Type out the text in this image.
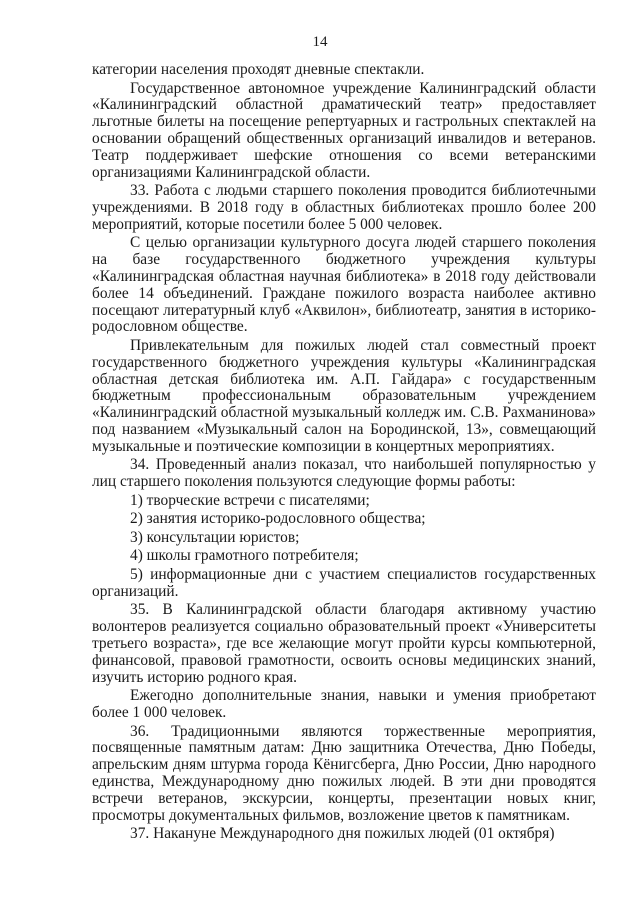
14

категории населения проходят дневные спектакли.

Государственное автономное учреждение Калининградский области «Калининградский областной драматический театр» предоставляет льготные билеты на посещение репертуарных и гастрольных спектаклей на основании обращений общественных организаций инвалидов и ветеранов. Театр поддерживает шефские отношения со всеми ветеранскими организациями Калининградской области.

33. Работа с людьми старшего поколения проводится библиотечными учреждениями. В 2018 году в областных библиотеках прошло более 200 мероприятий, которые посетили более 5 000 человек.

С целью организации культурного досуга людей старшего поколения на базе государственного бюджетного учреждения культуры «Калининградская областная научная библиотека» в 2018 году действовали более 14 объединений. Граждане пожилого возраста наиболее активно посещают литературный клуб «Аквилон», библиотеатр, занятия в историко-родословном обществе.

Привлекательным для пожилых людей стал совместный проект государственного бюджетного учреждения культуры «Калининградская областная детская библиотека им. А.П. Гайдара» с государственным бюджетным профессиональным образовательным учреждением «Калининградский областной музыкальный колледж им. С.В. Рахманинова» под названием «Музыкальный салон на Бородинской, 13», совмещающий музыкальные и поэтические композиции в концертных мероприятиях.

34. Проведенный анализ показал, что наибольшей популярностью у лиц старшего поколения пользуются следующие формы работы:

1) творческие встречи с писателями;

2) занятия историко-родословного общества;

3) консультации юристов;

4) школы грамотного потребителя;

5) информационные дни с участием специалистов государственных организаций.

35. В Калининградской области благодаря активному участию волонтеров реализуется социально образовательный проект «Университеты третьего возраста», где все желающие могут пройти курсы компьютерной, финансовой, правовой грамотности, освоить основы медицинских знаний, изучить историю родного края.

Ежегодно дополнительные знания, навыки и умения приобретают более 1 000 человек.

36. Традиционными являются торжественные мероприятия, посвященные памятным датам: Дню защитника Отечества, Дню Победы, апрельским дням штурма города Кёнигсберга, Дню России, Дню народного единства, Международному дню пожилых людей. В эти дни проводятся встречи ветеранов, экскурсии, концерты, презентации новых книг, просмотры документальных фильмов, возложение цветов к памятникам.

37. Накануне Международного дня пожилых людей (01 октября)
